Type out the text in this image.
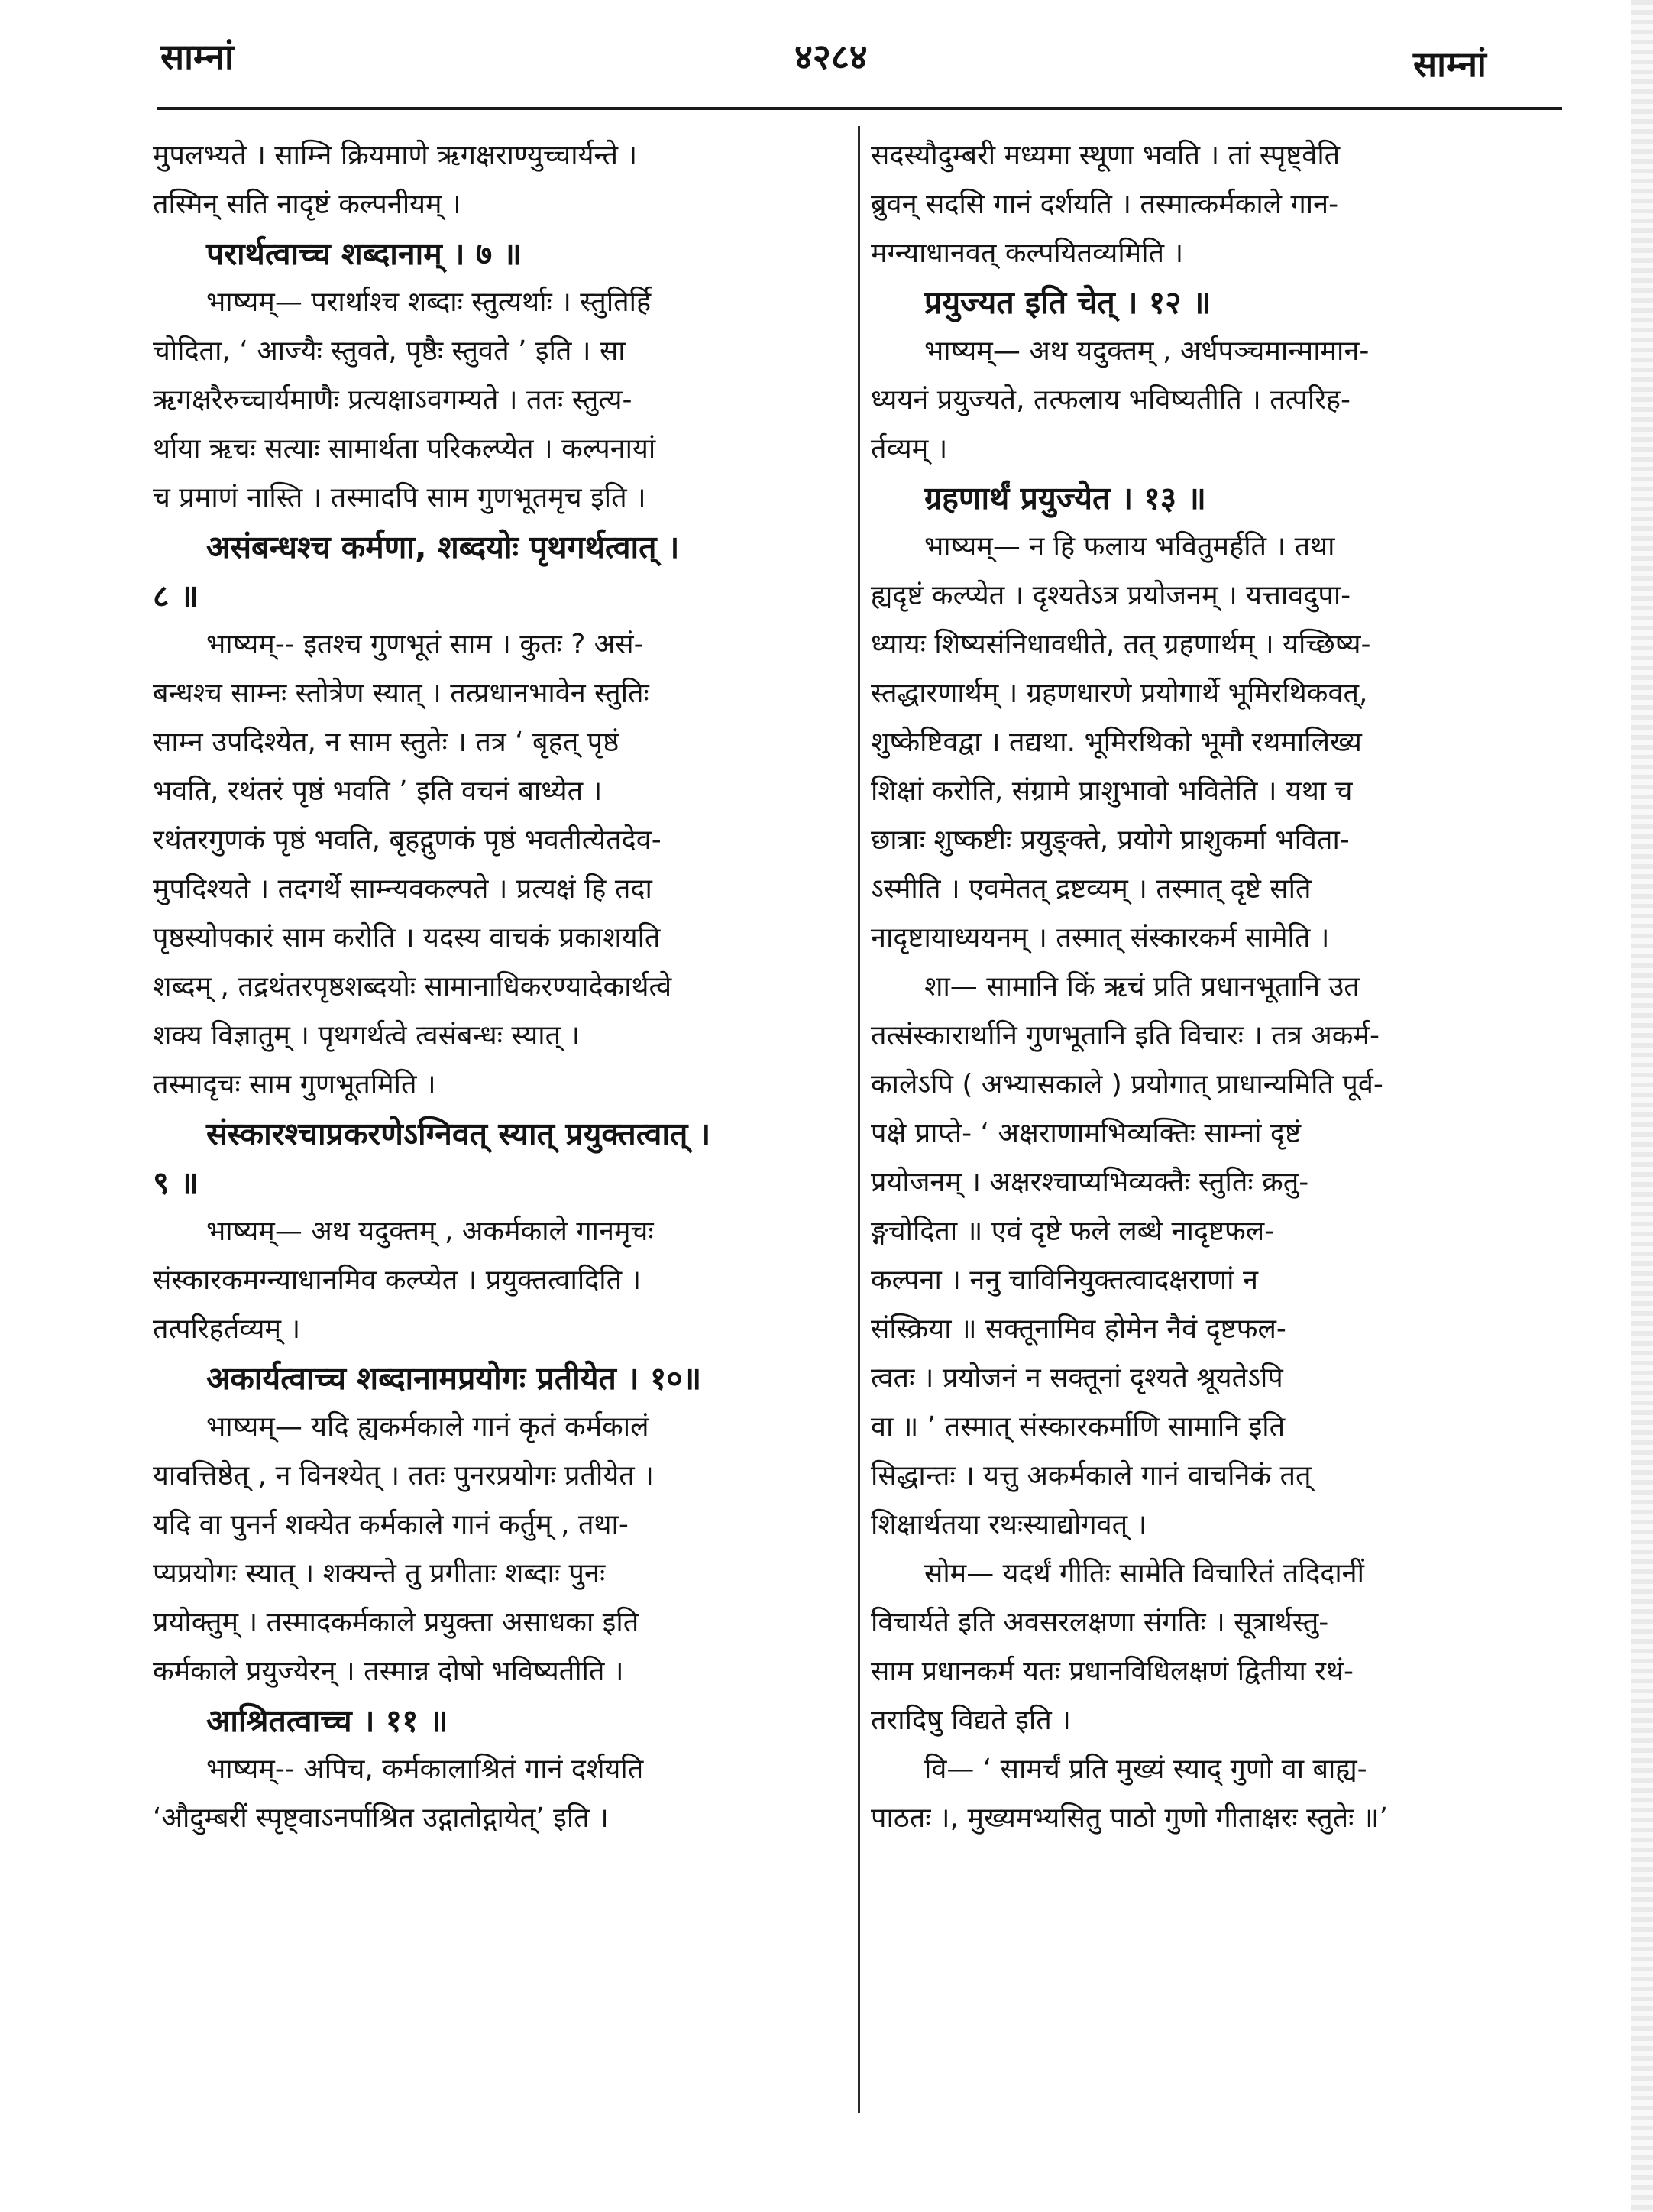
साम्नां	४२८४	साम्नां
मुपलभ्यते । साम्नि क्रियमाणे ऋगक्षराण्युच्चार्यन्ते ।
तस्मिन् सति नादृष्टं कल्पनीयम् ।
परार्थत्वाच्च शब्दानाम् । ७ ॥
भाष्यम्— परार्थाश्च शब्दाः स्तुत्यर्थाः । स्तुतिर्हि
चोदिता, ‘ आज्यैः स्तुवते, पृष्ठैः स्तुवते ’ इति । सा
ऋगक्षरैरुच्चार्यमाणैः प्रत्यक्षाऽवगम्यते । ततः स्तुत्य-
र्थाया ऋचः सत्याः सामार्थता परिकल्प्येत । कल्पनायां
च प्रमाणं नास्ति । तस्मादपि साम गुणभूतमृच इति ।
असंबन्धश्च कर्मणा, शब्दयोः पृथगर्थत्वात् ।
८ ॥
भाष्यम्-- इतश्च गुणभूतं साम । कुतः ? असं-
बन्धश्च साम्नः स्तोत्रेण स्यात् । तत्प्रधानभावेन स्तुतिः
साम्न उपदिश्येत, न साम स्तुतेः । तत्र ‘ बृहत् पृष्ठं
भवति, रथंतरं पृष्ठं भवति ’ इति वचनं बाध्येत ।
रथंतरगुणकं पृष्ठं भवति, बृहद्गुणकं पृष्ठं भवतीत्येतदेव-
मुपदिश्यते । तदगर्थे साम्न्यवकल्पते । प्रत्यक्षं हि तदा
पृष्ठस्योपकारं साम करोति । यदस्य वाचकं प्रकाशयति
शब्दम् , तद्रथंतरपृष्ठशब्दयोः सामानाधिकरण्यादेकार्थत्वे
शक्य विज्ञातुम् । पृथगर्थत्वे त्वसंबन्धः स्यात् ।
तस्मादृचः साम गुणभूतमिति ।
संस्कारश्चाप्रकरणेऽग्निवत् स्यात् प्रयुक्तत्वात् ।
९ ॥
भाष्यम्— अथ यदुक्तम् , अकर्मकाले गानमृचः
संस्कारकमग्न्याधानमिव कल्प्येत । प्रयुक्तत्वादिति ।
तत्परिहर्तव्यम् ।
अकार्यत्वाच्च शब्दानामप्रयोगः प्रतीयेत । १०॥
भाष्यम्— यदि ह्यकर्मकाले गानं कृतं कर्मकालं
यावत्तिष्ठेत् , न विनश्येत् । ततः पुनरप्रयोगः प्रतीयेत ।
यदि वा पुनर्न शक्येत कर्मकाले गानं कर्तुम् , तथा-
प्यप्रयोगः स्यात् । शक्यन्ते तु प्रगीताः शब्दाः पुनः
प्रयोक्तुम् । तस्मादकर्मकाले प्रयुक्ता असाधका इति
कर्मकाले प्रयुज्येरन् । तस्मान्न दोषो भविष्यतीति ।
आश्रितत्वाच्च । ११ ॥
भाष्यम्-- अपिच, कर्मकालाश्रितं गानं दर्शयति
‘औदुम्बरीं स्पृष्ट्वाऽनर्पाश्रित उद्गातोद्गायेत्’ इति ।
सदस्यौदुम्बरी मध्यमा स्थूणा भवति । तां स्पृष्ट्वेति
ब्रुवन् सदसि गानं दर्शयति । तस्मात्कर्मकाले गान-
मग्न्याधानवत् कल्पयितव्यमिति ।
प्रयुज्यत इति चेत् । १२ ॥
भाष्यम्— अथ यदुक्तम् , अर्धपञ्चमान्मामान-
ध्ययनं प्रयुज्यते, तत्फलाय भविष्यतीति । तत्परिह-
र्तव्यम् ।
ग्रहणार्थं प्रयुज्येत । १३ ॥
भाष्यम्— न हि फलाय भवितुमर्हति । तथा
ह्यदृष्टं कल्प्येत । दृश्यतेऽत्र प्रयोजनम् । यत्तावदुपा-
ध्यायः शिष्यसंनिधावधीते, तत् ग्रहणार्थम् । यच्छिष्य-
स्तद्धारणार्थम् । ग्रहणधारणे प्रयोगार्थे भूमिरथिकवत्,
शुष्केष्टिवद्वा । तद्यथा. भूमिरथिको भूमौ रथमालिख्य
शिक्षां करोति, संग्रामे प्राशुभावो भवितेति । यथा च
छात्राः शुष्कष्टीः प्रयुङ्क्ते, प्रयोगे प्राशुकर्मा भविता-
ऽस्मीति । एवमेतत् द्रष्टव्यम् । तस्मात् दृष्टे सति
नादृष्टायाध्ययनम् । तस्मात् संस्कारकर्म सामेति ।
शा— सामानि किं ऋचं प्रति प्रधानभूतानि उत
तत्संस्कारार्थानि गुणभूतानि इति विचारः । तत्र अकर्म-
कालेऽपि ( अभ्यासकाले ) प्रयोगात् प्राधान्यमिति पूर्व-
पक्षे प्राप्ते- ‘ अक्षराणामभिव्यक्तिः साम्नां दृष्टं
प्रयोजनम् । अक्षरश्चाप्यभिव्यक्तैः स्तुतिः क्रतु-
ङ्गचोदिता ॥ एवं दृष्टे फले लब्धे नादृष्टफल-
कल्पना । ननु चाविनियुक्तत्वादक्षराणां न
संस्क्रिया ॥ सक्तूनामिव होमेन नैवं दृष्टफल-
त्वतः । प्रयोजनं न सक्तूनां दृश्यते श्रूयतेऽपि
वा ॥ ’ तस्मात् संस्कारकर्माणि सामानि इति
सिद्धान्तः । यत्तु अकर्मकाले गानं वाचनिकं तत्
शिक्षार्थतया रथःस्याद्योगवत् ।
सोम— यदर्थं गीतिः सामेति विचारितं तदिदानीं
विचार्यते इति अवसरलक्षणा संगतिः । सूत्रार्थस्तु-
साम प्रधानकर्म यतः प्रधानविधिलक्षणं द्वितीया रथं-
तरादिषु विद्यते इति ।
वि— ‘ सामर्चं प्रति मुख्यं स्याद् गुणो वा बाह्य-
पाठतः ।, मुख्यमभ्यसितु पाठो गुणो गीताक्षरः स्तुतेः ॥’
